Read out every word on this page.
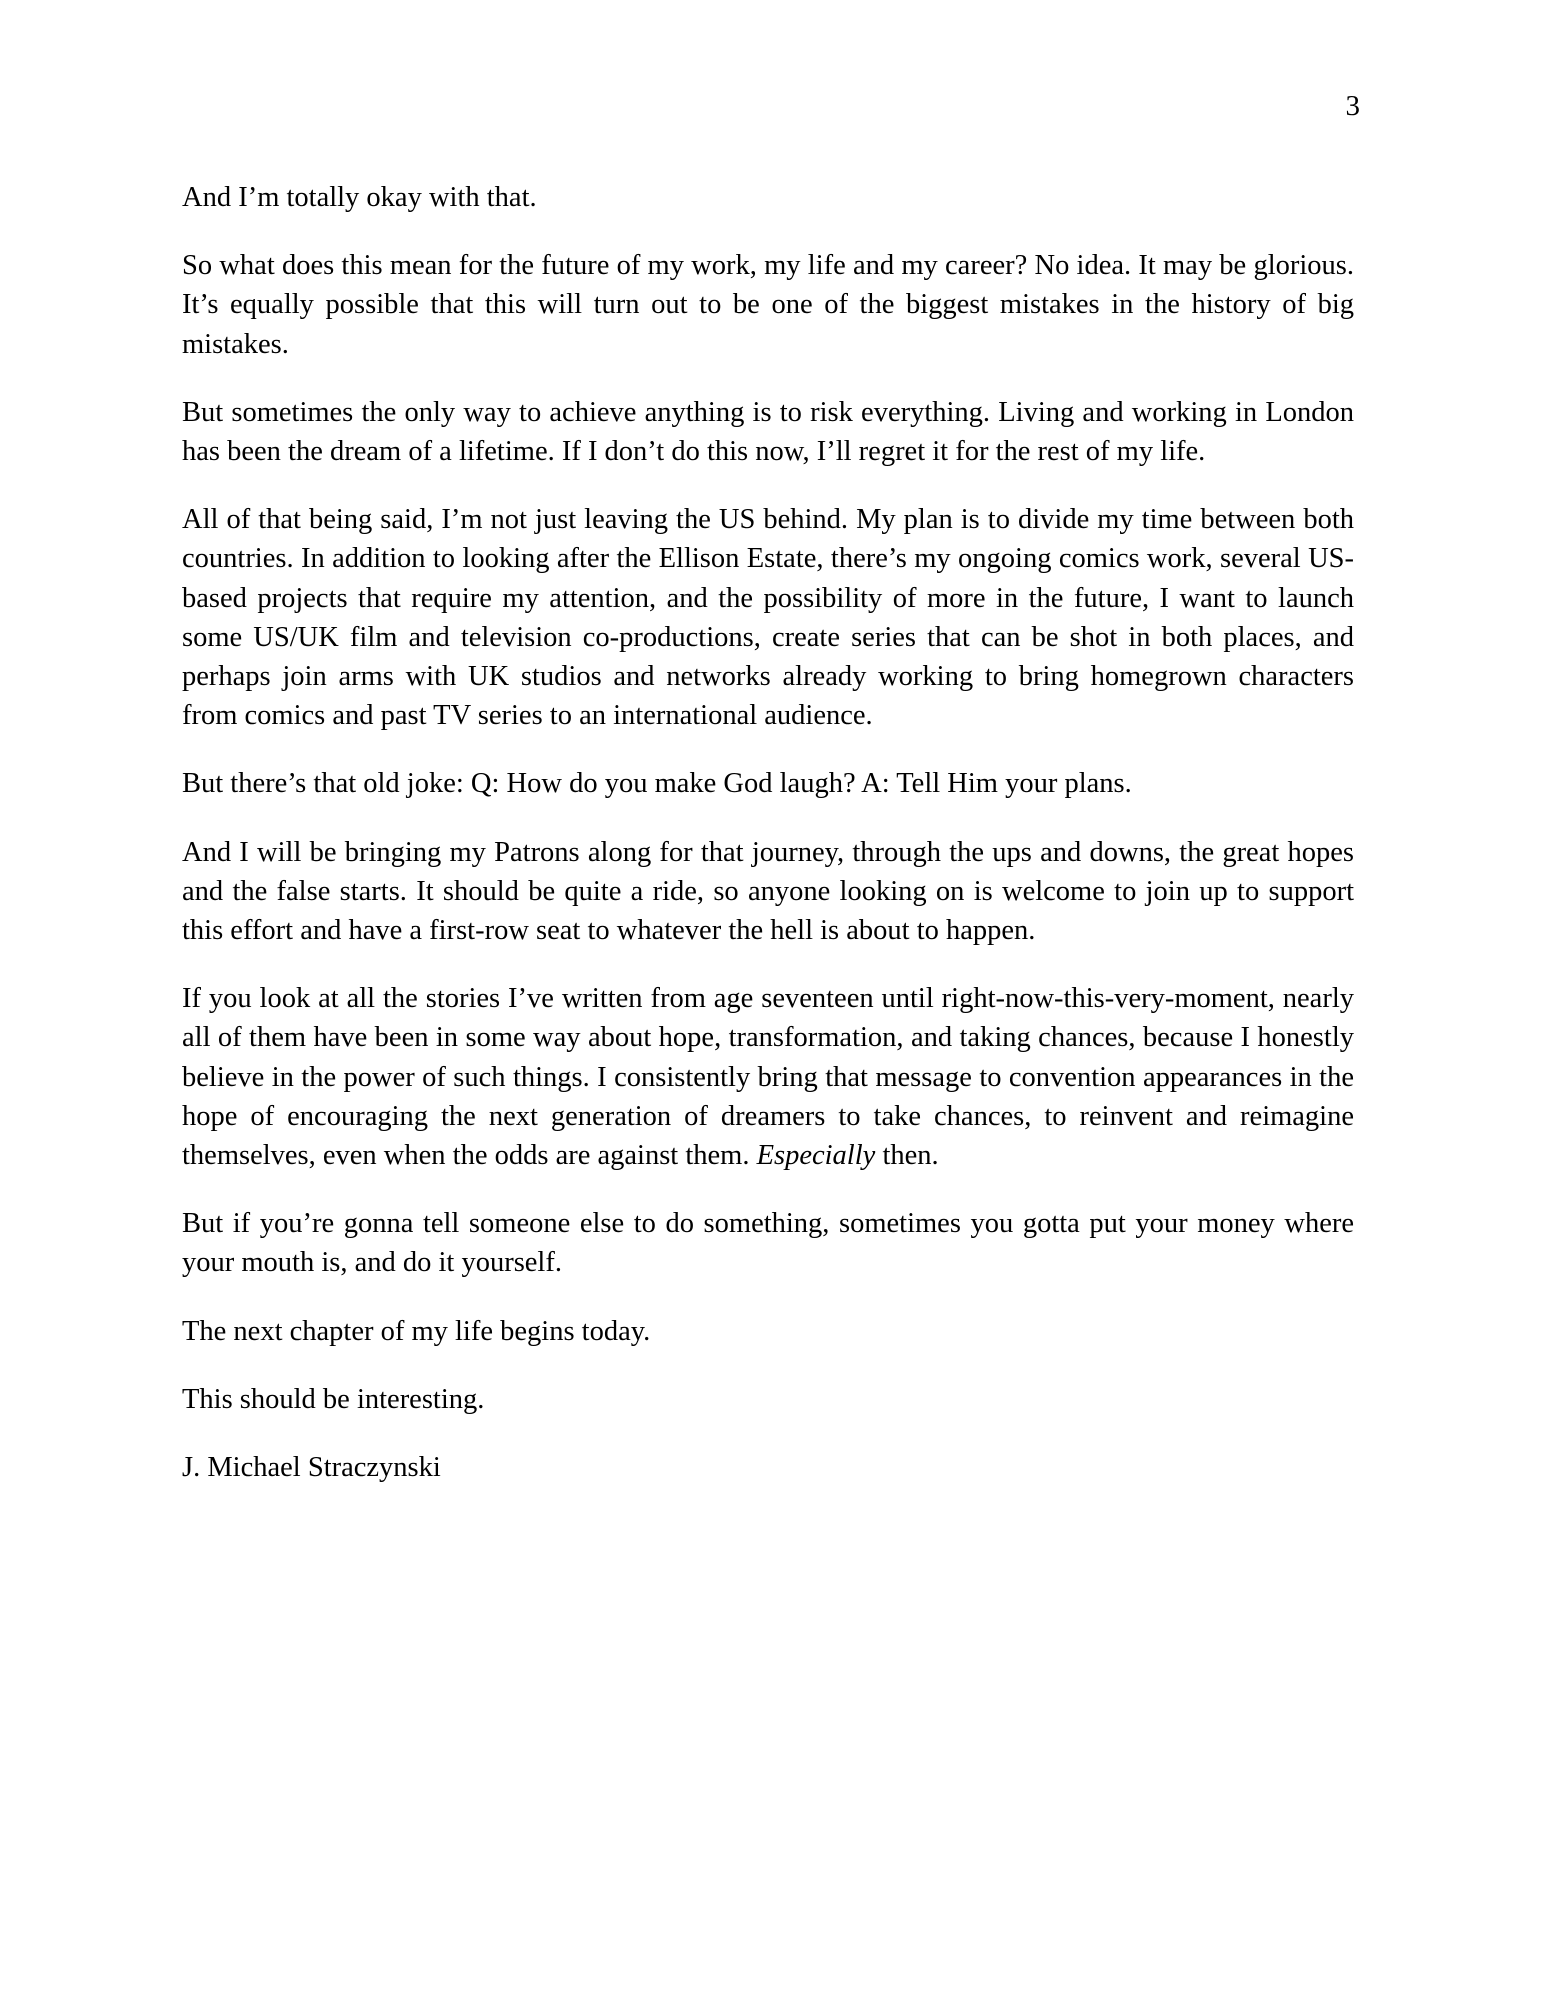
3

And I’m totally okay with that.

So what does this mean for the future of my work, my life and my career? No idea. It may be glorious. It’s equally possible that this will turn out to be one of the biggest mistakes in the history of big mistakes.

But sometimes the only way to achieve anything is to risk everything. Living and working in London has been the dream of a lifetime. If I don’t do this now, I’ll regret it for the rest of my life.

All of that being said, I’m not just leaving the US behind. My plan is to divide my time between both countries. In addition to looking after the Ellison Estate, there’s my ongoing comics work, several US-based projects that require my attention, and the possibility of more in the future, I want to launch some US/UK film and television co-productions, create series that can be shot in both places, and perhaps join arms with UK studios and networks already working to bring homegrown characters from comics and past TV series to an international audience.

But there’s that old joke: Q: How do you make God laugh? A: Tell Him your plans.

And I will be bringing my Patrons along for that journey, through the ups and downs, the great hopes and the false starts. It should be quite a ride, so anyone looking on is welcome to join up to support this effort and have a first-row seat to whatever the hell is about to happen.

If you look at all the stories I’ve written from age seventeen until right-now-this-very-moment, nearly all of them have been in some way about hope, transformation, and taking chances, because I honestly believe in the power of such things. I consistently bring that message to convention appearances in the hope of encouraging the next generation of dreamers to take chances, to reinvent and reimagine themselves, even when the odds are against them. Especially then.

But if you’re gonna tell someone else to do something, sometimes you gotta put your money where your mouth is, and do it yourself.

The next chapter of my life begins today.

This should be interesting.

J. Michael Straczynski
